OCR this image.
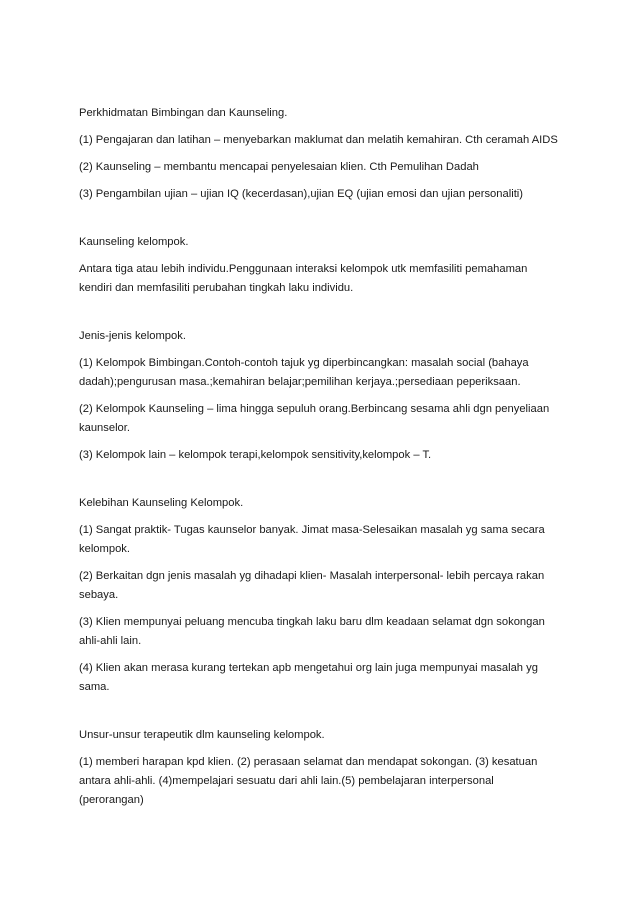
Perkhidmatan Bimbingan dan Kaunseling.

(1) Pengajaran dan latihan – menyebarkan maklumat dan melatih kemahiran. Cth ceramah AIDS

(2) Kaunseling – membantu mencapai penyelesaian klien. Cth Pemulihan Dadah

(3) Pengambilan ujian – ujian IQ (kecerdasan),ujian EQ (ujian emosi dan ujian personaliti)

Kaunseling kelompok.

Antara tiga atau lebih individu.Penggunaan interaksi kelompok utk memfasiliti pemahaman kendiri dan memfasiliti perubahan tingkah laku individu.

Jenis-jenis kelompok.

(1) Kelompok Bimbingan.Contoh-contoh tajuk yg diperbincangkan: masalah social (bahaya dadah);pengurusan masa.;kemahiran belajar;pemilihan kerjaya.;persediaan peperiksaan.

(2) Kelompok Kaunseling – lima hingga sepuluh orang.Berbincang sesama ahli dgn penyeliaan kaunselor.

(3) Kelompok lain – kelompok terapi,kelompok sensitivity,kelompok – T.

Kelebihan Kaunseling Kelompok.

(1) Sangat praktik- Tugas kaunselor banyak. Jimat masa-Selesaikan masalah yg sama secara kelompok.

(2) Berkaitan dgn jenis masalah yg dihadapi klien- Masalah interpersonal- lebih percaya rakan sebaya.

(3) Klien mempunyai peluang mencuba tingkah laku baru dlm keadaan selamat dgn sokongan ahli-ahli lain.

(4) Klien akan merasa kurang tertekan apb mengetahui org lain juga mempunyai masalah yg sama.

Unsur-unsur terapeutik dlm kaunseling kelompok.

(1) memberi harapan kpd klien. (2) perasaan selamat dan mendapat sokongan. (3) kesatuan antara ahli-ahli. (4)mempelajari sesuatu dari ahli lain.(5) pembelajaran interpersonal (perorangan)
